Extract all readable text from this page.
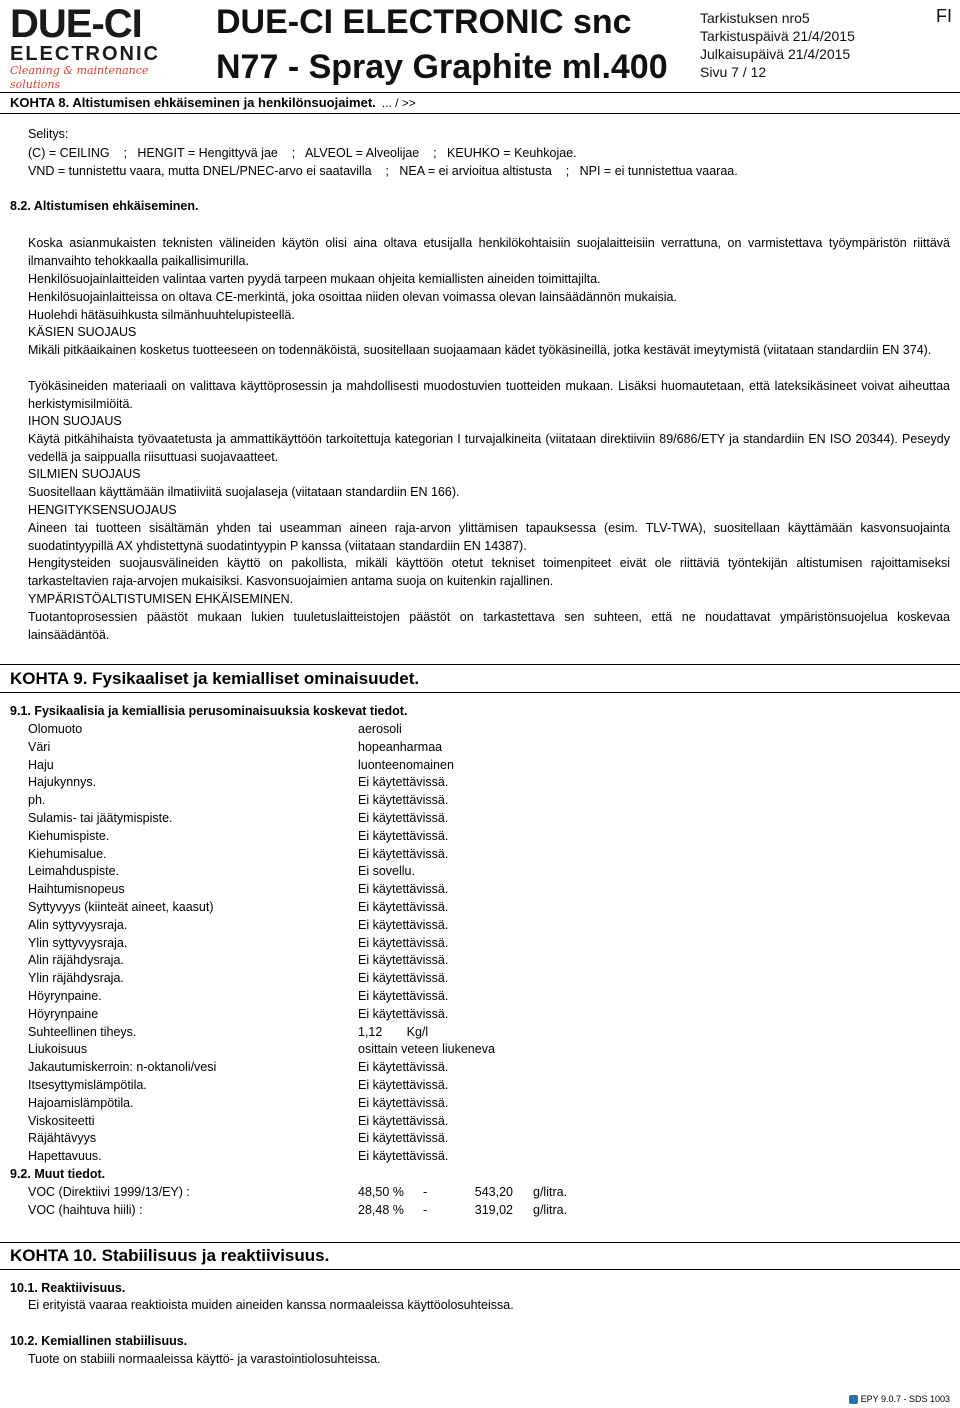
DUE-CI
ELECTRONIC
Cleaning & maintenance solutions
DUE-CI ELECTRONIC snc
N77 - Spray Graphite ml.400
Tarkistuksen nro5
Tarkistuspäivä 21/4/2015
Julkaisupäivä 21/4/2015
Sivu 7 / 12
FI
KOHTA 8. Altistumisen ehkäiseminen ja henkilönsuojaimet. ... / >>
Selitys:
(C) = CEILING    ;   HENGIT = Hengittyvä jae    ;   ALVEOL = Alveolijae    ;   KEUHKO = Keuhkojae.
VND = tunnistettu vaara, mutta DNEL/PNEC-arvo ei saatavilla    ;   NEA = ei arvioitua altistusta    ;   NPI = ei tunnistettua vaaraa.
8.2. Altistumisen ehkäiseminen.
Koska asianmukaisten teknisten välineiden käytön olisi aina oltava etusijalla henkilökohtaisiin suojalaitteisiin verrattuna, on varmistettava työympäristön riittävä ilmanvaihto tehokkaalla paikallisimurilla.
Henkilösuojainlaitteiden valintaa varten pyydä tarpeen mukaan ohjeita kemiallisten aineiden toimittajilta.
Henkilösuojainlaitteissa on oltava CE-merkintä, joka osoittaa niiden olevan voimassa olevan lainsäädännön mukaisia.
Huolehdi hätäsuihkusta silmänhuuhtelupisteellä.
KÄSIEN SUOJAUS
Mikäli pitkäaikainen kosketus tuotteeseen on todennäköistä, suositellaan suojaamaan kädet työkäsineillä, jotka kestävät imeytymistä (viitataan standardiin EN 374).
Työkäsineiden materiaali on valittava käyttöprosessin ja mahdollisesti muodostuvien tuotteiden mukaan. Lisäksi huomautetaan, että lateksikäsineet voivat aiheuttaa herkistymisilmiöitä.
IHON SUOJAUS
Käytä pitkähihaista työvaatetusta ja ammattikäyttöön tarkoitettuja kategorian I turvajalkineita (viitataan direktiiviin 89/686/ETY ja standardiin EN ISO 20344). Peseydy vedellä ja saippualla riisuttuasi suojavaatteet.
SILMIEN SUOJAUS
Suositellaan käyttämään ilmatiiviitä suojalaseja (viitataan standardiin EN 166).
HENGITYKSENSUOJAUS
Aineen tai tuotteen sisältämän yhden tai useamman aineen raja-arvon ylittämisen tapauksessa (esim. TLV-TWA), suositellaan käyttämään kasvonsuojainta suodatintyypillä AX yhdistettynä suodatintyypin P kanssa (viitataan standardiin EN 14387).
Hengitysteiden suojausvälineiden käyttö on pakollista, mikäli käyttöön otetut tekniset toimenpiteet eivät ole riittäviä työntekijän altistumisen rajoittamiseksi tarkasteltavien raja-arvojen mukaisiksi. Kasvonsuojaimien antama suoja on kuitenkin rajallinen.
YMPÄRISTÖALTISTUMISEN EHKÄISEMINEN.
Tuotantoprosessien päästöt mukaan lukien tuuletuslaitteistojen päästöt on tarkastettava sen suhteen, että ne noudattavat ympäristönsuojelua koskevaa lainsäädäntöä.
KOHTA 9. Fysikaaliset ja kemialliset ominaisuudet.
9.1. Fysikaalisia ja kemiallisia perusominaisuuksia koskevat tiedot.
Olomuoto	aerosoli
Väri	hopeanharmaa
Haju	luonteenomainen
Hajukynnys.	Ei käytettävissä.
ph.	Ei käytettävissä.
Sulamis- tai jäätymispiste.	Ei käytettävissä.
Kiehumispiste.	Ei käytettävissä.
Kiehumisalue.	Ei käytettävissä.
Leimahduspiste.	Ei sovellu.
Haihtumisnopeus	Ei käytettävissä.
Syttyvyys (kiinteät aineet, kaasut)	Ei käytettävissä.
Alin syttyvyysraja.	Ei käytettävissä.
Ylin syttyvyysraja.	Ei käytettävissä.
Alin räjähdysraja.	Ei käytettävissä.
Ylin räjähdysraja.	Ei käytettävissä.
Höyrynpaine.	Ei käytettävissä.
Höyrynpaine	Ei käytettävissä.
Suhteellinen tiheys.	1,12       Kg/l
Liukoisuus	osittain veteen liukeneva
Jakautumiskerroin: n-oktanoli/vesi	Ei käytettävissä.
Itsesyttymislämpötila.	Ei käytettävissä.
Hajoamislämpötila.	Ei käytettävissä.
Viskositeetti	Ei käytettävissä.
Räjähtävyys	Ei käytettävissä.
Hapettavuus.	Ei käytettävissä.
9.2. Muut tiedot.
VOC (Direktiivi 1999/13/EY) :	48,50 % -	543,20 g/litra.
VOC (haihtuva hiili) :	28,48 % -	319,02 g/litra.
KOHTA 10. Stabiilisuus ja reaktiivisuus.
10.1. Reaktiivisuus.
Ei erityistä vaaraa reaktioista muiden aineiden kanssa normaaleissa käyttöolosuhteissa.
10.2. Kemiallinen stabiilisuus.
Tuote on stabiili normaaleissa käyttö- ja varastointiolosuhteissa.
EPY 9.0.7 - SDS 1003
